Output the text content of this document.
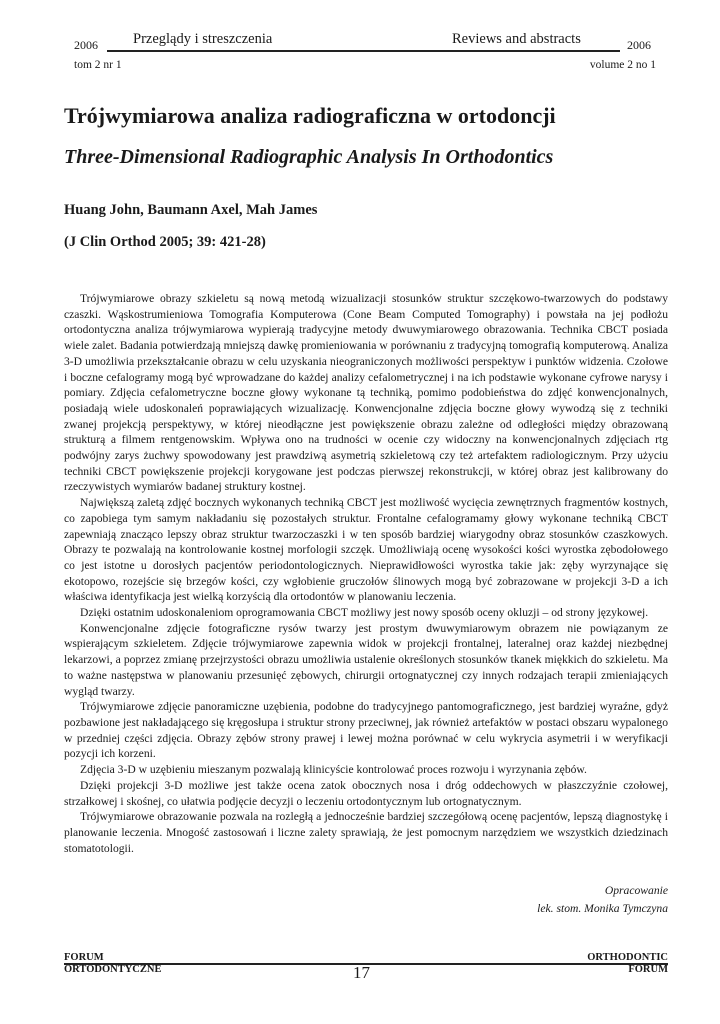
2006 Przeglądy i streszczenia	Reviews and abstracts	2006
tom 2 nr 1	volume 2 no 1
Trójwymiarowa analiza radiograficzna w ortodoncji
Three-Dimensional Radiographic Analysis In Orthodontics
Huang John, Baumann Axel, Mah James
(J Clin Orthod 2005; 39: 421-28)

Trójwymiarowe obrazy szkieletu są nową metodą wizualizacji stosunków struktur szczękowo-twarzowych do podstawy czaszki. Wąskostrumieniowa Tomografia Komputerowa (Cone Beam Computed Tomography) i powstała na jej podłożu ortodontyczna analiza trójwymiarowa wypierają tradycyjne metody dwuwymiarowego obrazowania. Technika CBCT posiada wiele zalet. Badania potwierdzają mniejszą dawkę promieniowania w porównaniu z tradycyjną tomografią komputerową. Analiza 3-D umożliwia przekształcanie obrazu w celu uzyskania nieograniczonych możliwości perspektyw i punktów widzenia. Czołowe i boczne cefalogramy mogą być wprowadzane do każdej analizy cefalometrycznej i na ich podstawie wykonane cyfrowe narysy i pomiary. Zdjęcia cefalometryczne boczne głowy wykonane tą techniką, pomimo podobieństwa do zdjęć konwencjonalnych, posiadają wiele udoskonaleń poprawiających wizualizację. Konwencjonalne zdjęcia boczne głowy wywodzą się z techniki zwanej projekcją perspektywy, w której nieodłączne jest powiększenie obrazu zależne od odległości między obrazowaną strukturą a filmem rentgenowskim. Wpływa ono na trudności w ocenie czy widoczny na konwencjonalnych zdjęciach rtg podwójny zarys żuchwy spowodowany jest prawdziwą asymetrią szkieletową czy też artefaktem radiologicznym. Przy użyciu techniki CBCT powiększenie projekcji korygowane jest podczas pierwszej rekonstrukcji, w której obraz jest kalibrowany do rzeczywistych wymiarów badanej struktury kostnej.

Największą zaletą zdjęć bocznych wykonanych techniką CBCT jest możliwość wycięcia zewnętrznych fragmentów kostnych, co zapobiega tym samym nakładaniu się pozostałych struktur. Frontalne cefalogramamy głowy wykonane techniką CBCT zapewniają znacząco lepszy obraz struktur twarzoczaszki i w ten sposób bardziej wiarygodny obraz stosunków czaszkowych. Obrazy te pozwalają na kontrolowanie kostnej morfologii szczęk. Umożliwiają ocenę wysokości kości wyrostka zębodołowego co jest istotne u dorosłych pacjentów periodontologicznych. Nieprawidłowości wyrostka takie jak: zęby wyrzynające się ekotopowo, rozejście się brzegów kości, czy wgłobienie gruczołów ślinowych mogą być zobrazowane w projekcji 3-D a ich właściwa identyfikacja jest wielką korzyścią dla ortodontów w planowaniu leczenia.

Dzięki ostatnim udoskonaleniom oprogramowania CBCT możliwy jest nowy sposób oceny okluzji – od strony językowej.

Konwencjonalne zdjęcie fotograficzne rysów twarzy jest prostym dwuwymiarowym obrazem nie powiązanym ze wspierającym szkieletem. Zdjęcie trójwymiarowe zapewnia widok w projekcji frontalnej, lateralnej oraz każdej niezbędnej lekarzowi, a poprzez zmianę przejrzystości obrazu umożliwia ustalenie określonych stosunków tkanek miękkich do szkieletu. Ma to ważne następstwa w planowaniu przesunięć zębowych, chirurgii ortognatycznej czy innych rodzajach terapii zmieniających wygląd twarzy.

Trójwymiarowe zdjęcie panoramiczne uzębienia, podobne do tradycyjnego pantomograficznego, jest bardziej wyraźne, gdyż pozbawione jest nakładającego się kręgosłupa i struktur strony przeciwnej, jak również artefaktów w postaci obszaru wypalonego w przedniej części zdjęcia. Obrazy zębów strony prawej i lewej można porównać w celu wykrycia asymetrii i w weryfikacji pozycji ich korzeni.

Zdjęcia 3-D w uzębieniu mieszanym pozwalają klinicyście kontrolować proces rozwoju i wyrzynania zębów.

Dzięki projekcji 3-D możliwe jest także ocena zatok obocznych nosa i dróg oddechowych w płaszczyźnie czołowej, strzałkowej i skośnej, co ułatwia podjęcie decyzji o leczeniu ortodontycznym lub ortognatycznym.

Trójwymiarowe obrazowanie pozwala na rozległą a jednocześnie bardziej szczegółową ocenę pacjentów, lepszą diagnostykę i planowanie leczenia. Mnogość zastosowań i liczne zalety sprawiają, że jest pomocnym narzędziem we wszystkich dziedzinach stomatotologii.

Opracowanie
lek. stom. Monika Tymczyna
FORUM
ORTODONTYCZNE	17
ORTHODONTIC
FORUM
